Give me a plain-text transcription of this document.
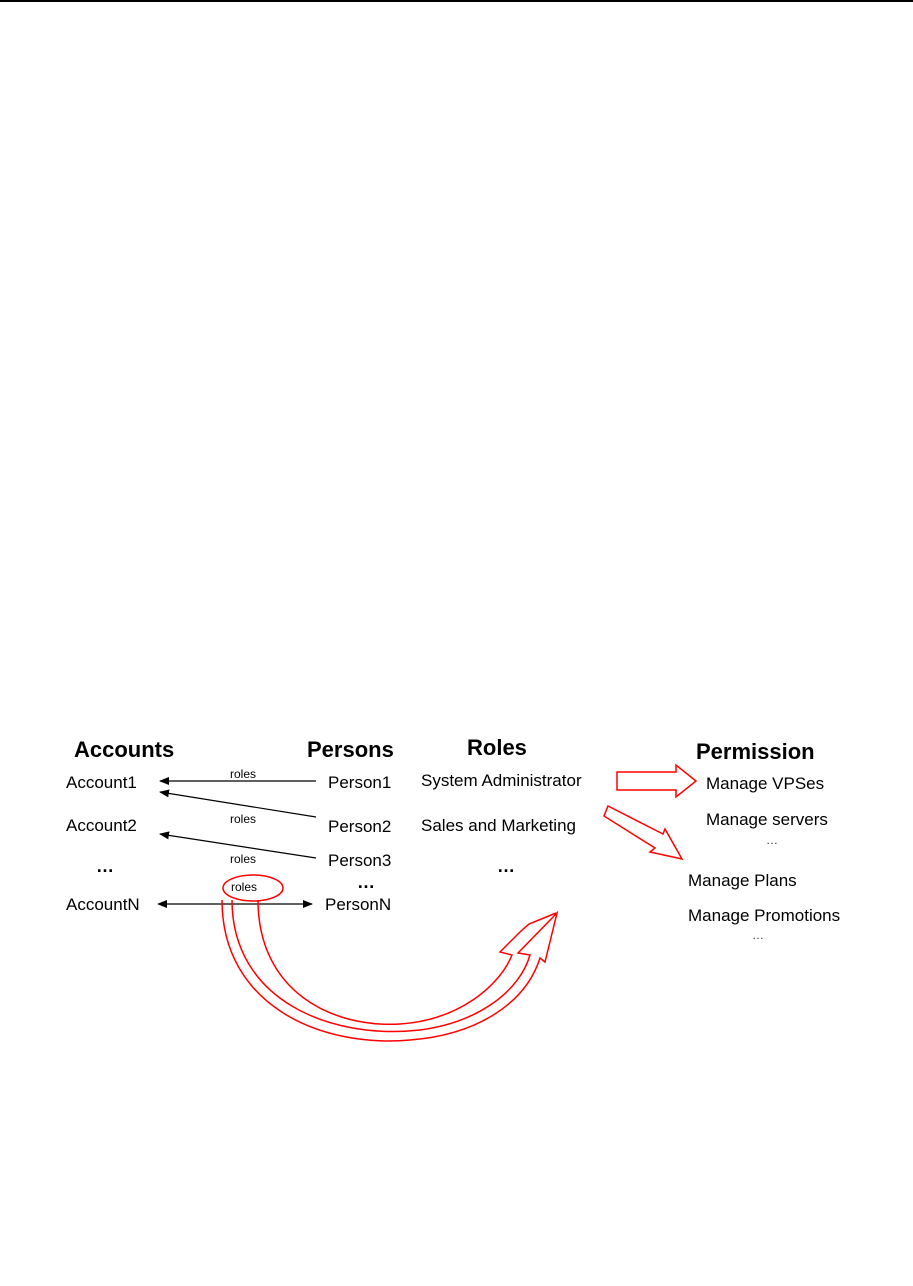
Accounts	Persons	Roles	Permission
Account1
Account2
…
AccountN
roles
roles
roles
roles
Person1
Person2
Person3
…
PersonN
System Administrator
Sales and Marketing
…
Manage VPSes
Manage servers
…
Manage Plans
Manage Promotions
…
